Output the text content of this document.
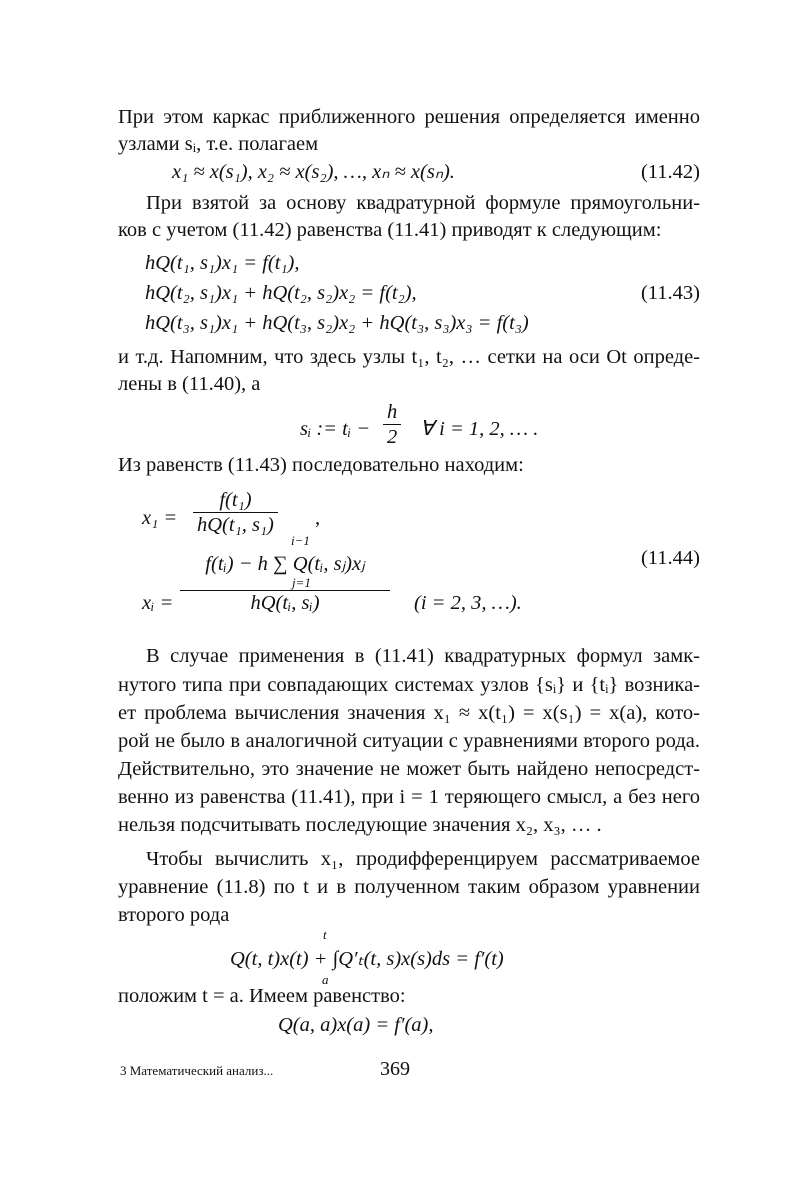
При этом каркас приближенного решения определяется именно
узлами sᵢ, т.е. полагаем
x₁ ≈ x(s₁), x₂ ≈ x(s₂), …, xₙ ≈ x(sₙ).	(11.42)
При взятой за основу квадратурной формуле прямоугольни-
ков с учетом (11.42) равенства (11.41) приводят к следующим:
hQ(t₁, s₁)x₁ = f(t₁),
hQ(t₂, s₁)x₁ + hQ(t₂, s₂)x₂ = f(t₂),
hQ(t₃, s₁)x₁ + hQ(t₃, s₂)x₂ + hQ(t₃, s₃)x₃ = f(t₃)
(11.43)
и т.д. Напомним, что здесь узлы t₁, t₂, … сетки на оси Ot опреде-
лены в (11.40), а
sᵢ := tᵢ − $\frac{h}{2}$ ∀ i = 1, 2, … .
Из равенств (11.43) последовательно находим:
$x_1 = \frac{\text{f(t₁)}}{\text{hQ(t₁, s₁)}}$ ,
xᵢ =
i−1
$\frac{\text{f(tᵢ) − h ∑ Q(tᵢ, sⱼ)xⱼ}}{\text{hQ(tᵢ, sᵢ)}}$
j=1
(i = 2, 3, …).
(11.44)
В случае применения в (11.41) квадратурных формул замк-
нутого типа при совпадающих системах узлов {sᵢ} и {tᵢ} возника-
ет проблема вычисления значения x₁ ≈ x(t₁) = x(s₁) = x(a), кото-
рой не было в аналогичной ситуации с уравнениями второго рода.
Действительно, это значение не может быть найдено непосредст-
венно из равенства (11.41), при i = 1 теряющего смысл, а без него
нельзя подсчитывать последующие значения x₂, x₃, … .
Чтобы вычислить x₁, продифференцируем рассматриваемое
уравнение (11.8) по t и в полученном таким образом уравнении
второго рода
t
Q(t, t)x(t) + ∫Q′ₜ(t, s)x(s)ds = f′(t)
a
положим t = a. Имеем равенство:
Q(a, a)x(a) = f′(a),
3 Математический анализ...	369
